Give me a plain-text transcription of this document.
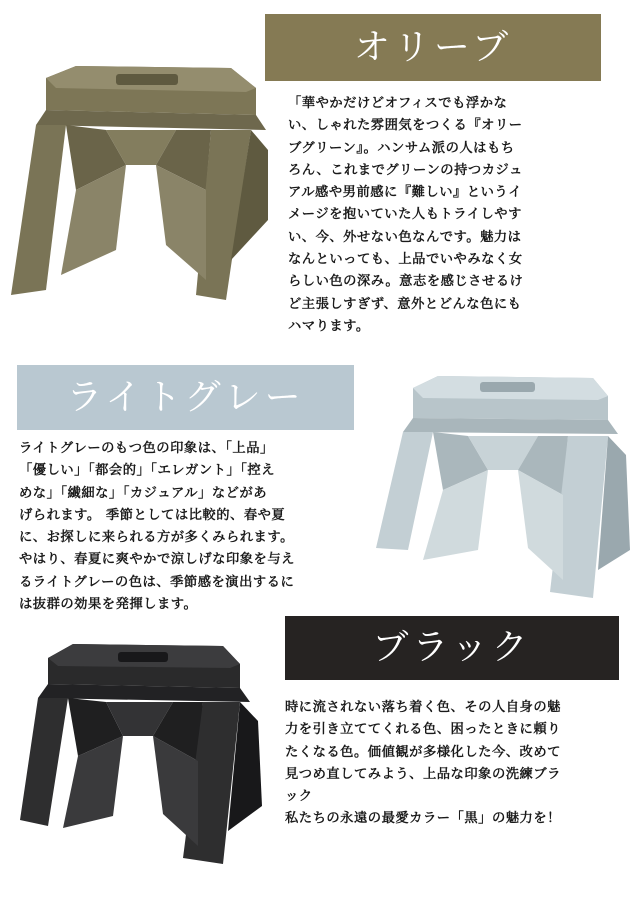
オリーブ

「華やかだけどオフィスでも浮かな
い、しゃれた雰囲気をつくる『オリー
ブグリーン』。ハンサム派の人はもち
ろん、これまでグリーンの持つカジュ
アル感や男前感に『難しい』というイ
メージを抱いていた人もトライしやす
い、今、外せない色なんです。魅力は
なんといっても、上品でいやみなく女
らしい色の深み。意志を感じさせるけ
ど主張しすぎず、意外とどんな色にも
ハマります。

ライトグレー

ライトグレーのもつ色の印象は、「上品」
「優しい」「都会的」「エレガント」「控え
めな」「繊細な」「カジュアル」などがあ
げられます。 季節としては比較的、春や夏
に、お探しに来られる方が多くみられます。
やはり、春夏に爽やかで涼しげな印象を与え
るライトグレーの色は、季節感を演出するに
は抜群の効果を発揮します。

ブラック

時に流されない落ち着く色、その人自身の魅
力を引き立ててくれる色、困ったときに頼り
たくなる色。価値観が多様化した今、改めて
見つめ直してみよう、上品な印象の洗練ブラ
ック
私たちの永遠の最愛カラー「黒」の魅力を！
